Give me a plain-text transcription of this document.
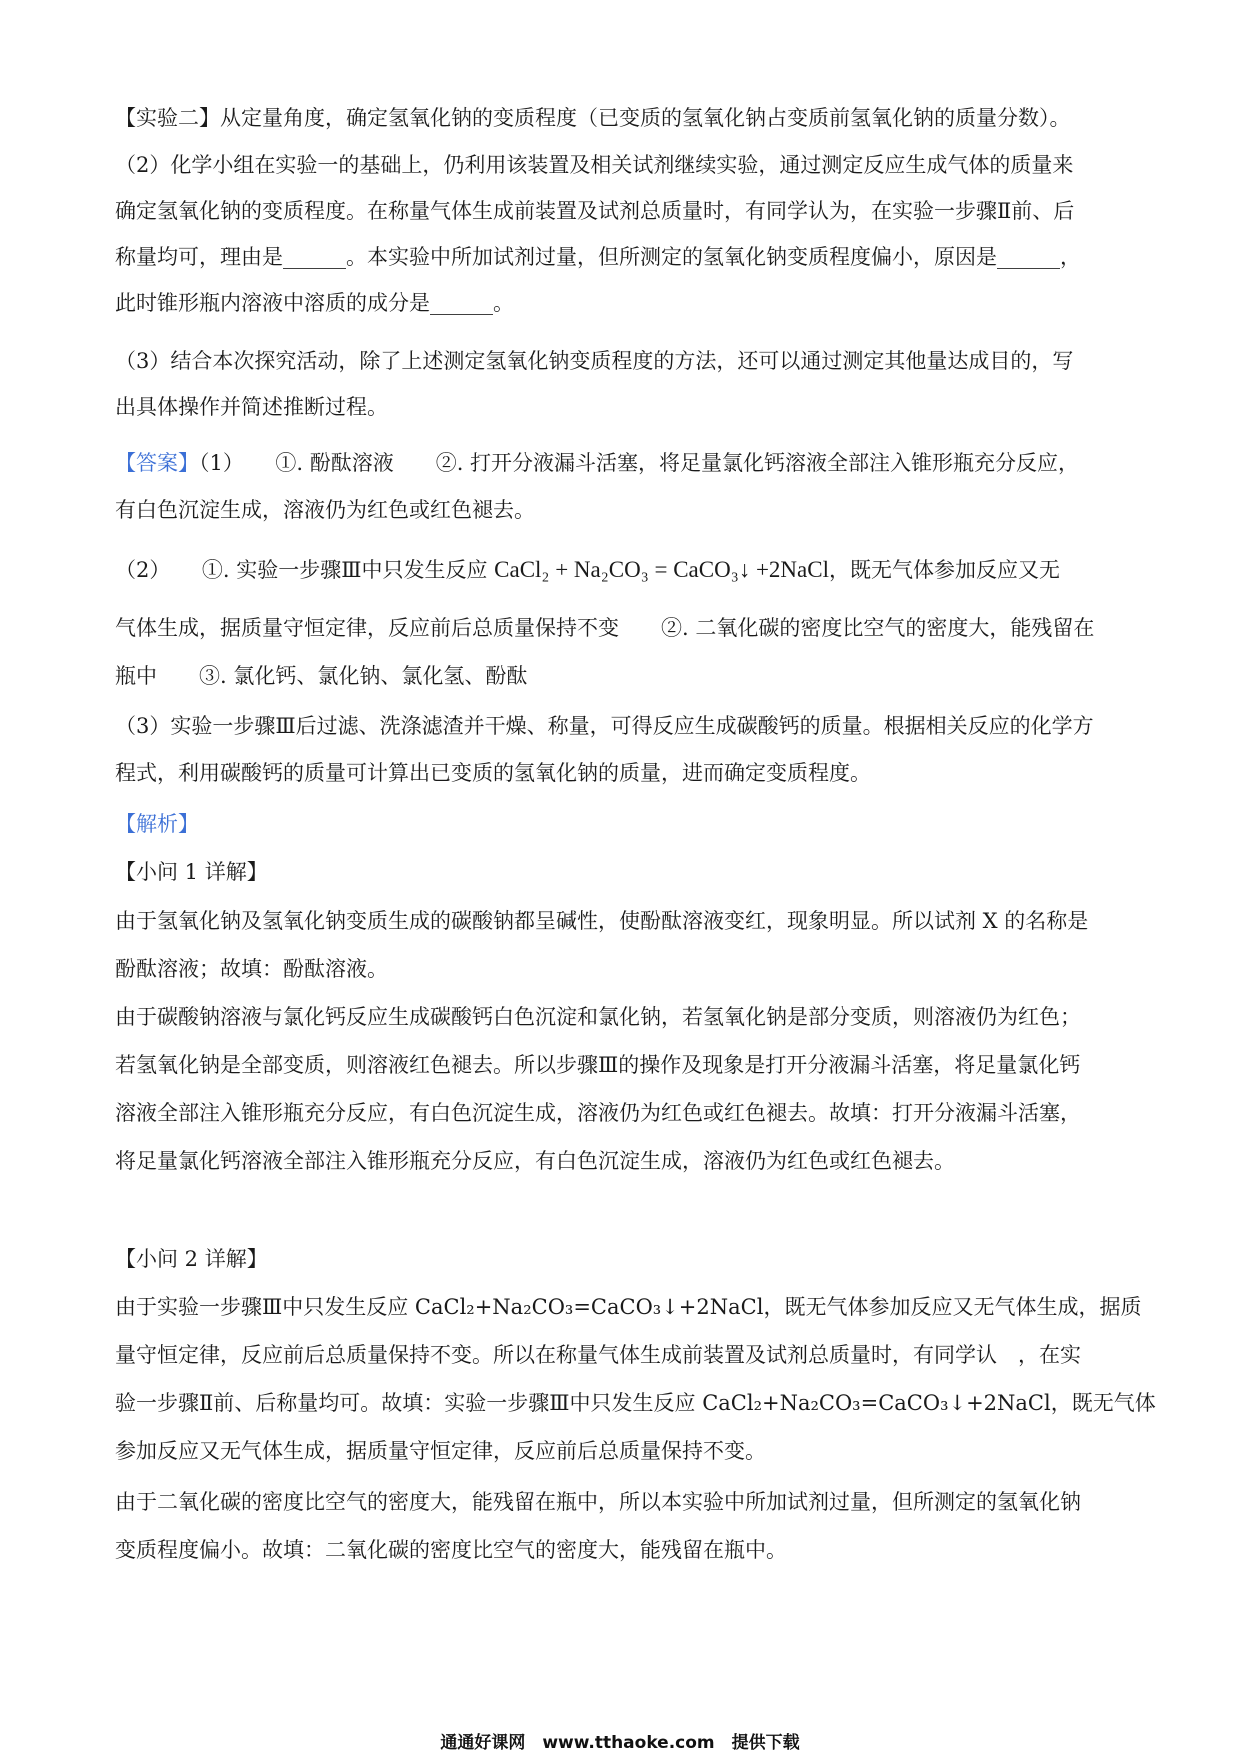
【实验二】从定量角度，确定氢氧化钠的变质程度（已变质的氢氧化钠占变质前氢氧化钠的质量分数）。
（2）化学小组在实验一的基础上，仍利用该装置及相关试剂继续实验，通过测定反应生成气体的质量来
确定氢氧化钠的变质程度。在称量气体生成前装置及试剂总质量时，有同学认为，在实验一步骤Ⅱ前、后
称量均可，理由是______。本实验中所加试剂过量，但所测定的氢氧化钠变质程度偏小，原因是______，
此时锥形瓶内溶液中溶质的成分是______。
（3）结合本次探究活动，除了上述测定氢氧化钠变质程度的方法，还可以通过测定其他量达成目的，写
出具体操作并简述推断过程。
【答案】（1）　　①. 酚酞溶液　　②. 打开分液漏斗活塞，将足量氯化钙溶液全部注入锥形瓶充分反应，
有白色沉淀生成，溶液仍为红色或红色褪去。
（2）　　①. 实验一步骤Ⅲ中只发生反应 CaCl₂ + Na₂CO₃ = CaCO₃↓ +2NaCl，既无气体参加反应又无
气体生成，据质量守恒定律，反应前后总质量保持不变　　②. 二氧化碳的密度比空气的密度大，能残留在
瓶中　　③. 氯化钙、氯化钠、氯化氢、酚酞
（3）实验一步骤Ⅲ后过滤、洗涤滤渣并干燥、称量，可得反应生成碳酸钙的质量。根据相关反应的化学方
程式，利用碳酸钙的质量可计算出已变质的氢氧化钠的质量，进而确定变质程度。
【解析】
【小问 1 详解】
由于氢氧化钠及氢氧化钠变质生成的碳酸钠都呈碱性，使酚酞溶液变红，现象明显。所以试剂 X 的名称是
酚酞溶液；故填：酚酞溶液。
由于碳酸钠溶液与氯化钙反应生成碳酸钙白色沉淀和氯化钠，若氢氧化钠是部分变质，则溶液仍为红色；
若氢氧化钠是全部变质，则溶液红色褪去。所以步骤Ⅲ的操作及现象是打开分液漏斗活塞，将足量氯化钙
溶液全部注入锥形瓶充分反应，有白色沉淀生成，溶液仍为红色或红色褪去。故填：打开分液漏斗活塞，
将足量氯化钙溶液全部注入锥形瓶充分反应，有白色沉淀生成，溶液仍为红色或红色褪去。
【小问 2 详解】
由于实验一步骤Ⅲ中只发生反应 CaCl₂+Na₂CO₃=CaCO₃↓+2NaCl，既无气体参加反应又无气体生成，据质
量守恒定律，反应前后总质量保持不变。所以在称量气体生成前装置及试剂总质量时，有同学认　，在实
验一步骤Ⅱ前、后称量均可。故填：实验一步骤Ⅲ中只发生反应 CaCl₂+Na₂CO₃=CaCO₃↓+2NaCl，既无气体
参加反应又无气体生成，据质量守恒定律，反应前后总质量保持不变。
由于二氧化碳的密度比空气的密度大，能残留在瓶中，所以本实验中所加试剂过量，但所测定的氢氧化钠
变质程度偏小。故填：二氧化碳的密度比空气的密度大，能残留在瓶中。
通通好课网　www.tthaoke.com　提供下载
